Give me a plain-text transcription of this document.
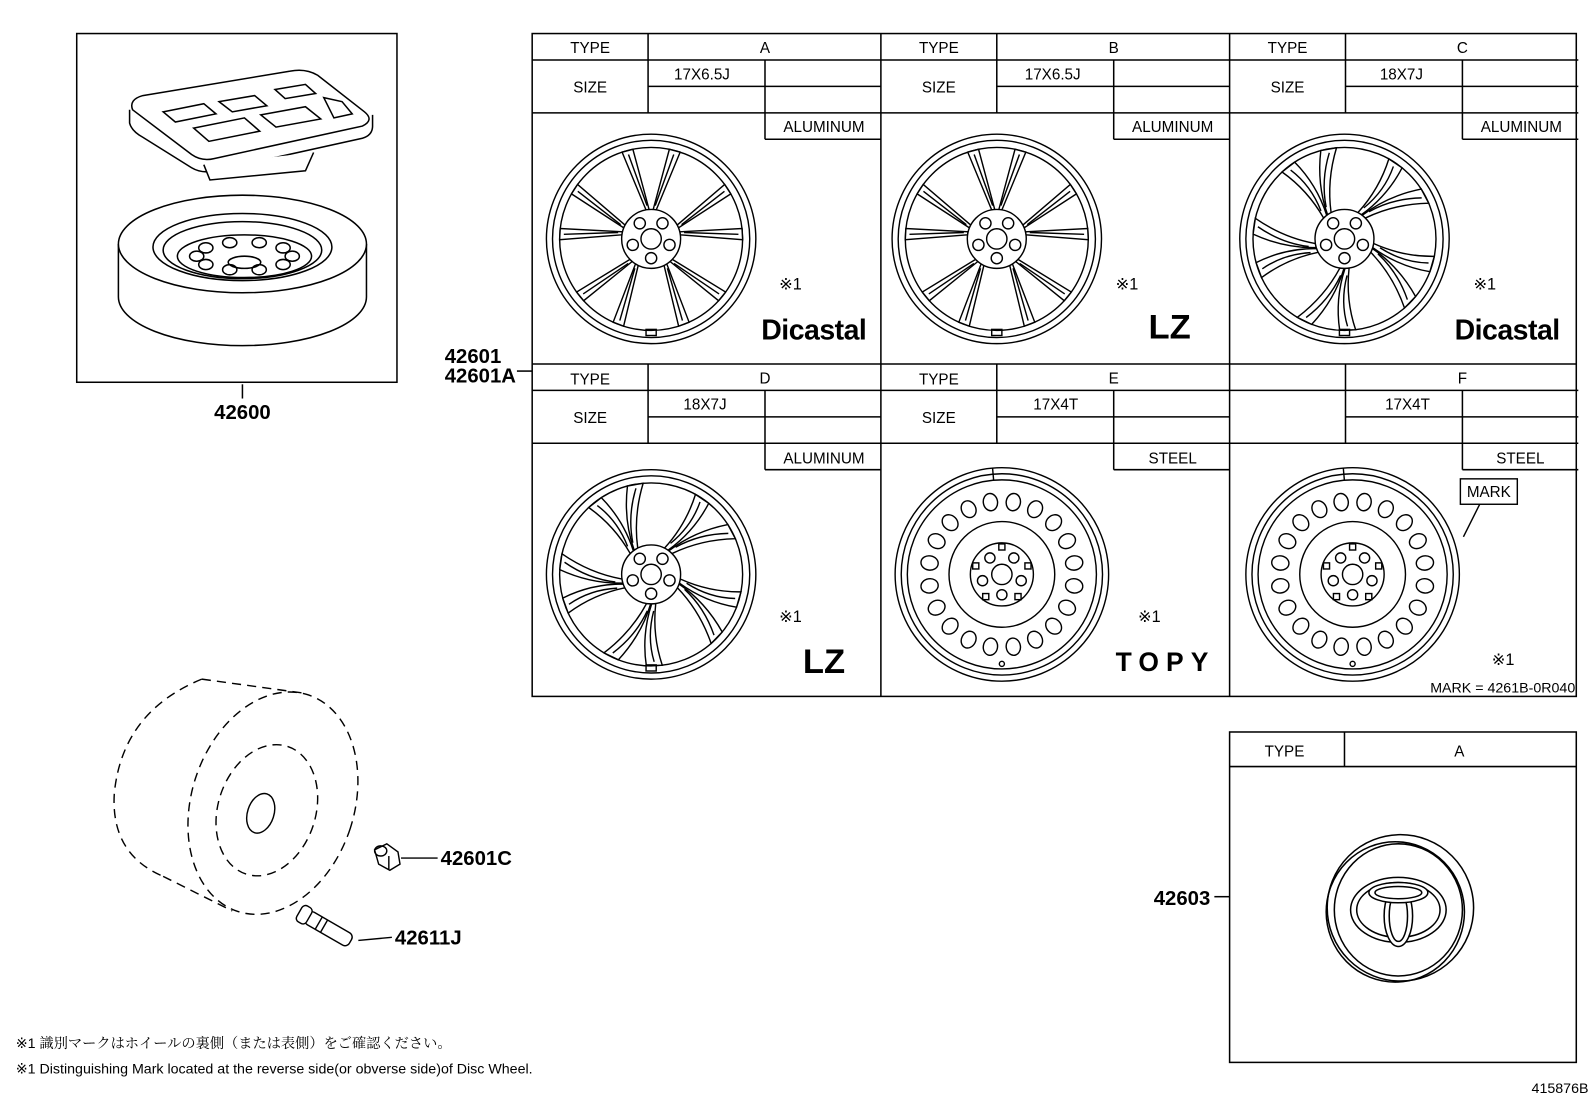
42600
TYPE	A
SIZE
17X6.5J
ALUMINUM
※1
Dicastal
TYPE	B
SIZE
17X6.5J
ALUMINUM
※1
LZ
TYPE	C
SIZE
18X7J
ALUMINUM
※1
Dicastal
TYPE	D
SIZE
18X7J
ALUMINUM
※1
LZ
TYPE	E
SIZE
17X4T
STEEL
※1
TOPY
F
17X4T
STEEL
MARK
※1
MARK = 4261B-0R040
42601
42601A
42601C
42611J
TYPE	A
42603
※1 識別マークはホイールの裏側（または表側）をご確認ください。
※1 Distinguishing Mark located at the reverse side(or obverse side)of Disc Wheel.
415876B
